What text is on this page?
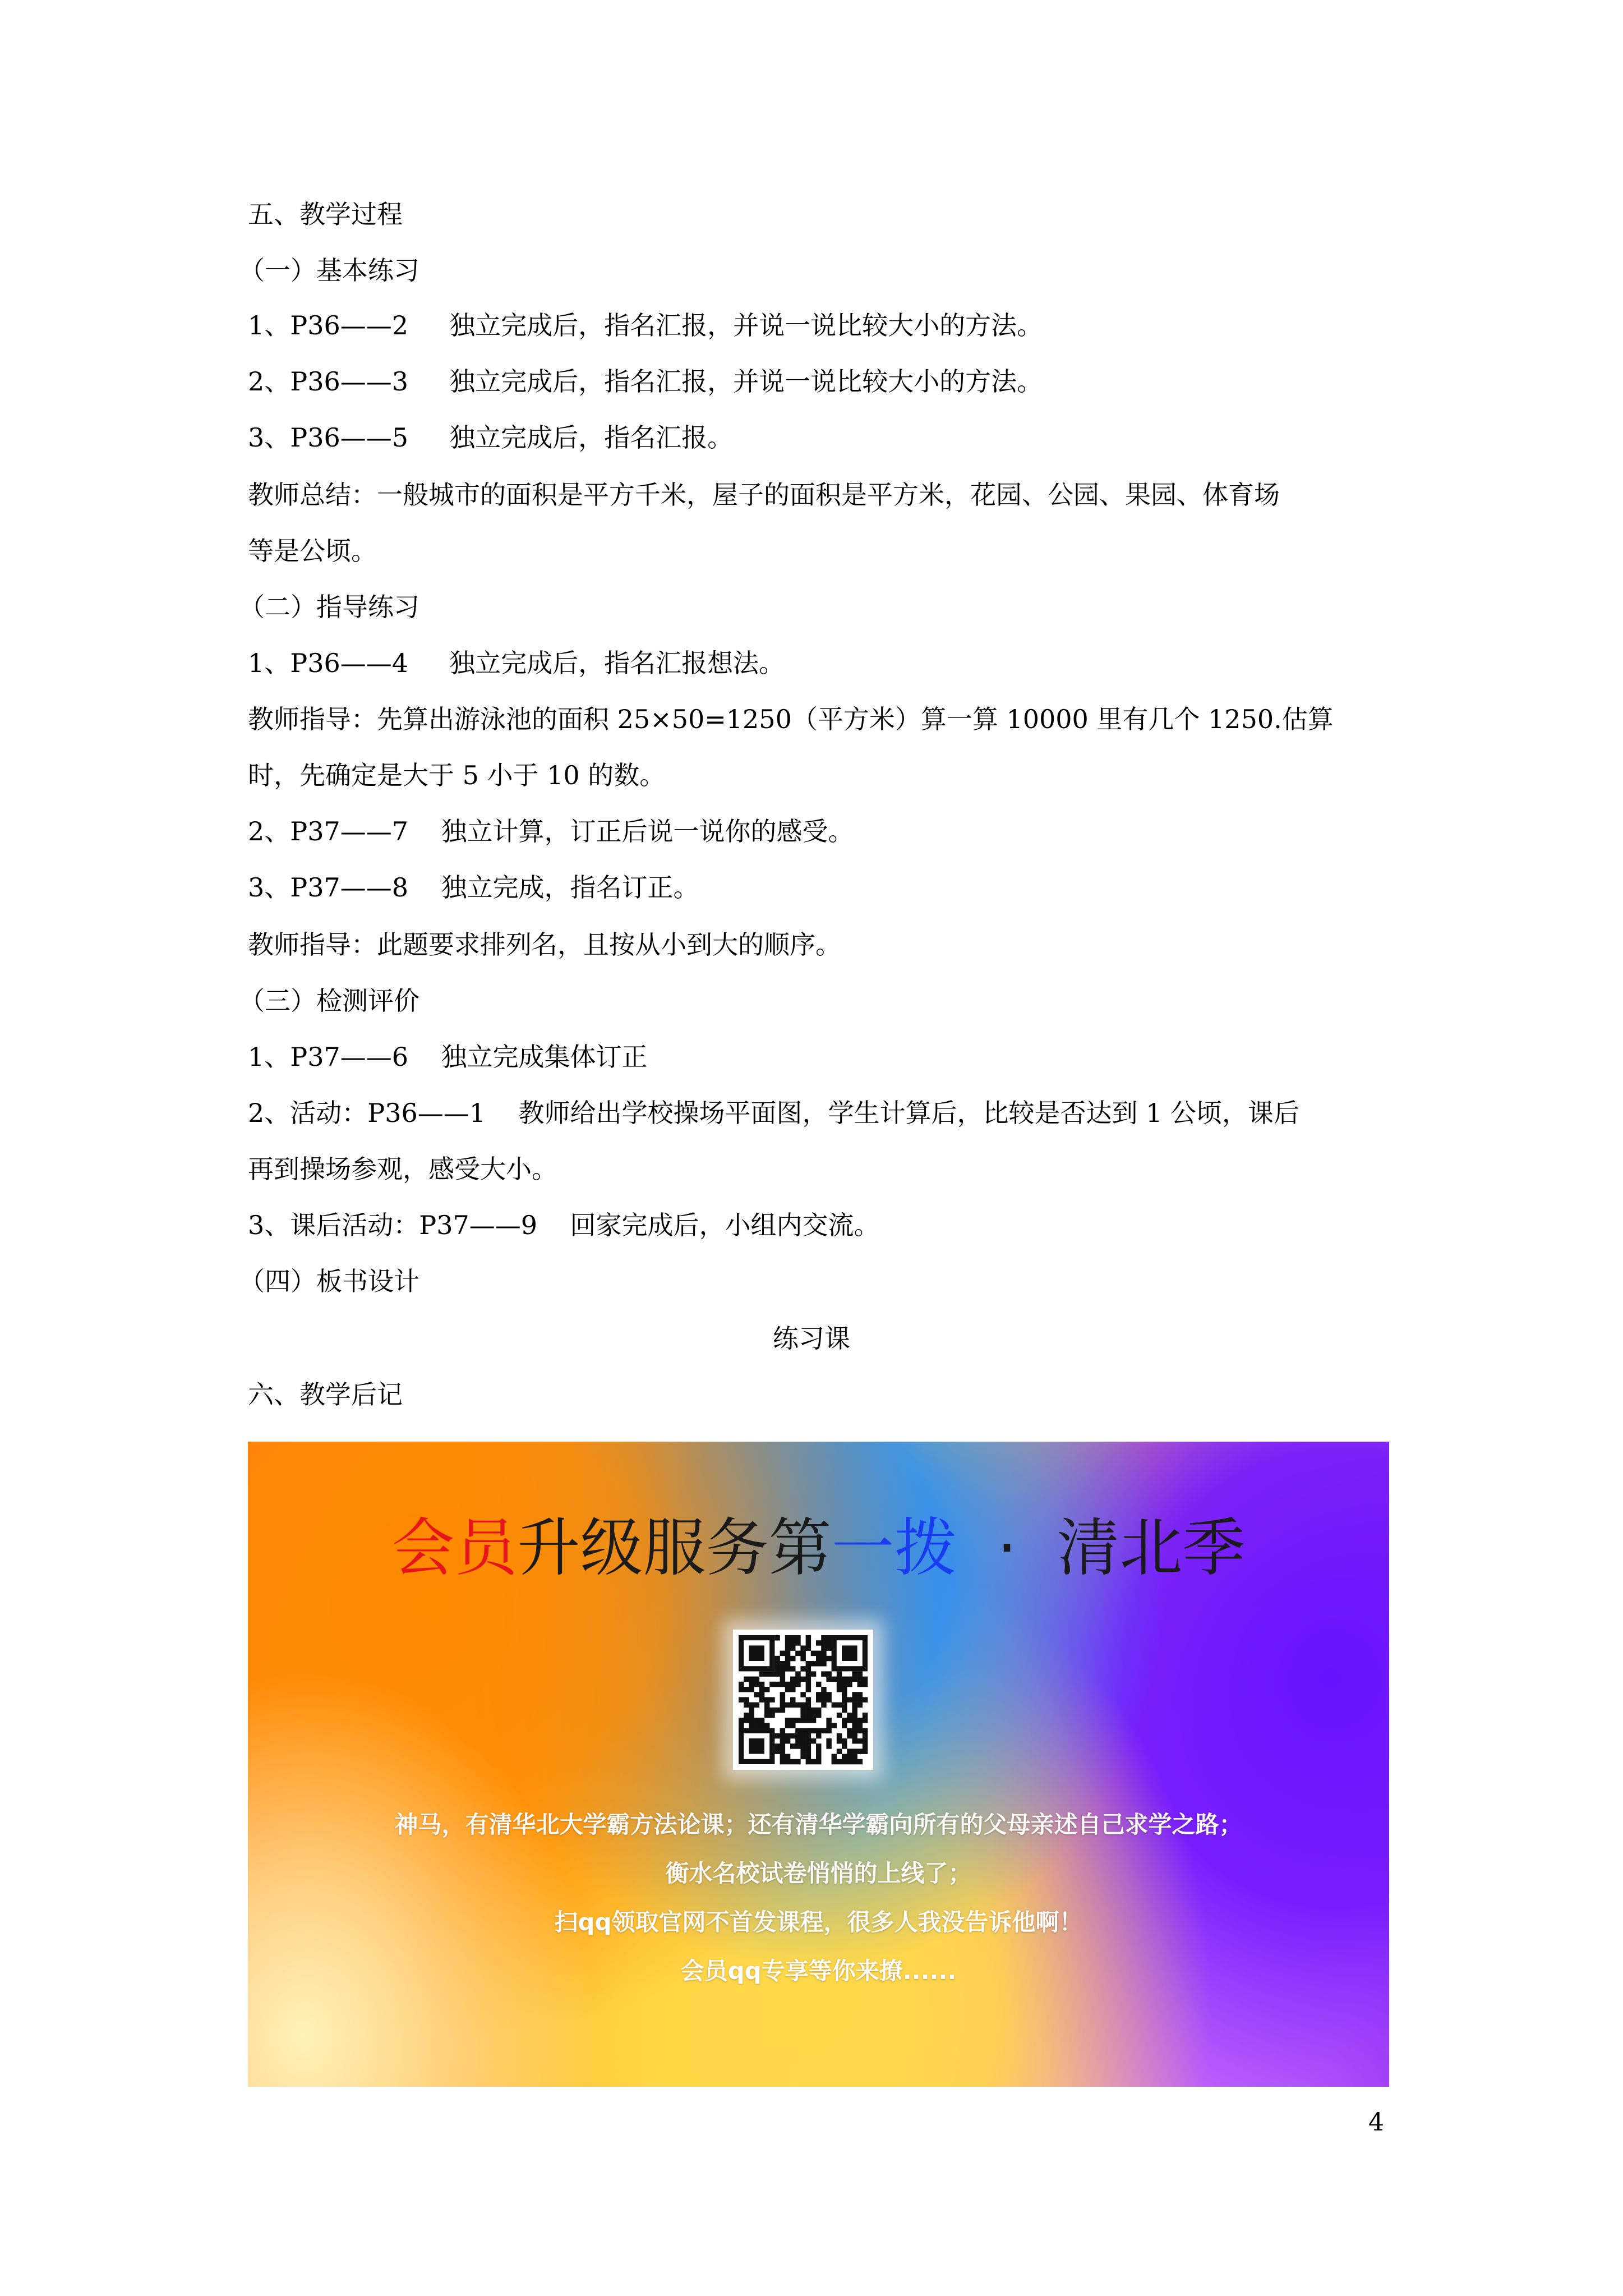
五、教学过程
（一）基本练习
1、P36——2     独立完成后，指名汇报，并说一说比较大小的方法。
2、P36——3     独立完成后，指名汇报，并说一说比较大小的方法。
3、P36——5     独立完成后，指名汇报。
教师总结：一般城市的面积是平方千米，屋子的面积是平方米，花园、公园、果园、体育场
等是公顷。
（二）指导练习
1、P36——4     独立完成后，指名汇报想法。
教师指导：先算出游泳池的面积 25×50=1250（平方米）算一算 10000 里有几个 1250.估算
时，先确定是大于 5 小于 10 的数。
2、P37——7    独立计算，订正后说一说你的感受。
3、P37——8    独立完成，指名订正。
教师指导：此题要求排列名，且按从小到大的顺序。
（三）检测评价
1、P37——6    独立完成集体订正
2、活动：P36——1    教师给出学校操场平面图，学生计算后，比较是否达到 1 公顷，课后
再到操场参观，感受大小。
3、课后活动：P37——9    回家完成后，小组内交流。
（四）板书设计
练习课
六、教学后记
会员升级服务第一拨  ·  清北季
神马，有清华北大学霸方法论课；还有清华学霸向所有的父母亲述自己求学之路；
衡水名校试卷悄悄的上线了；
扫qq领取官网不首发课程，很多人我没告诉他啊！
会员qq专享等你来撩......
4
